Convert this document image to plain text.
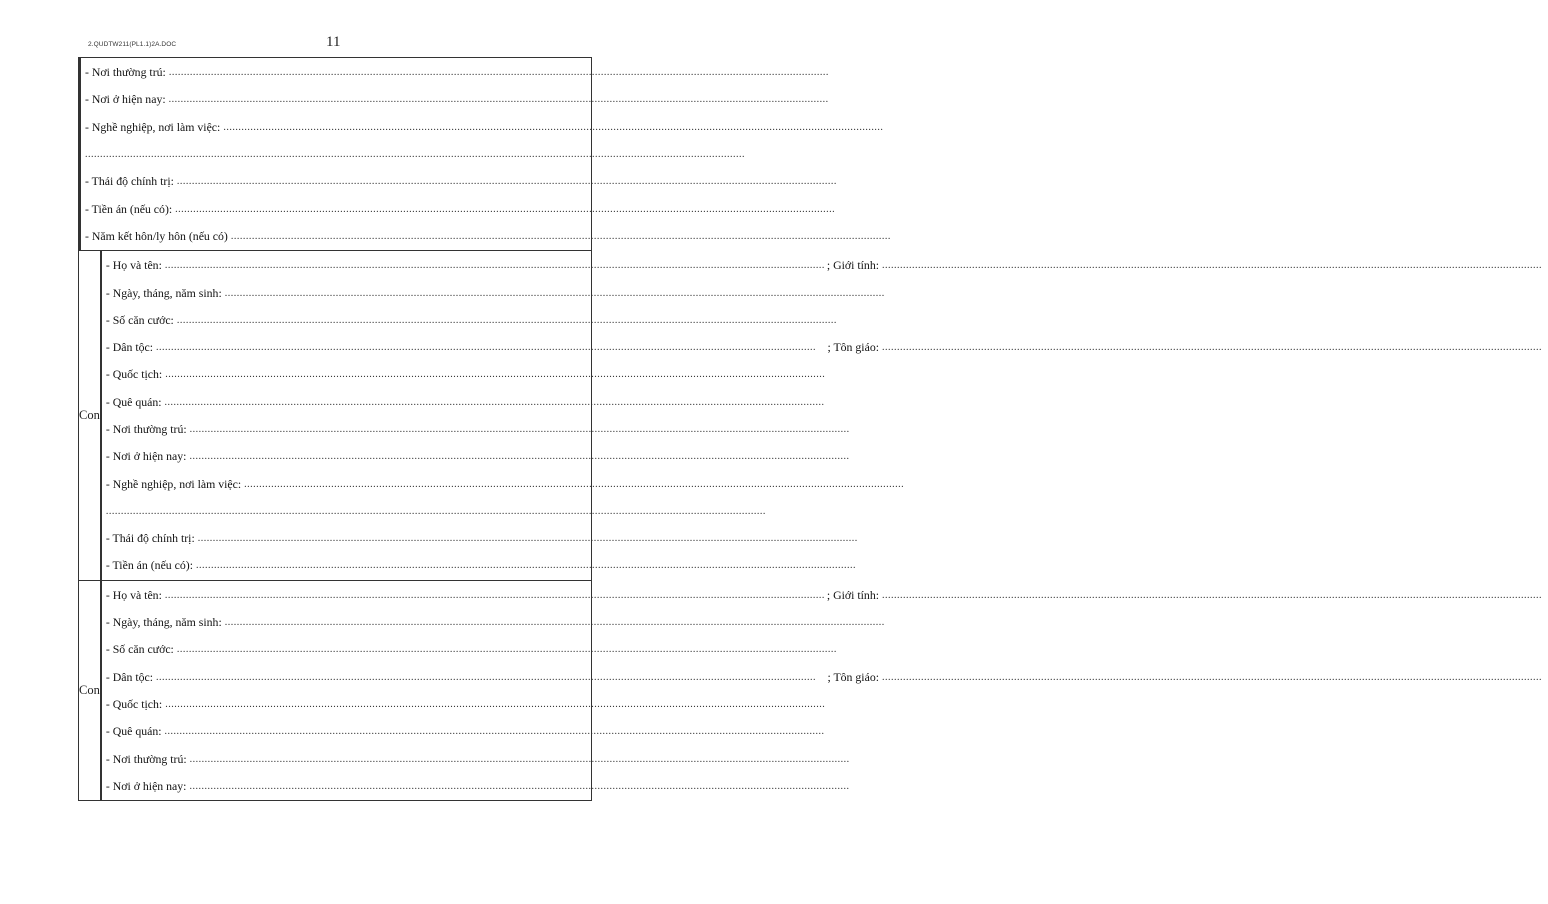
2.QUDTW211(PL1.1)2A.DOC	11
- Nơi thường trú: ............................................................................................................................................................................................................................
- Nơi ở hiện nay: ............................................................................................................................................................................................................................
- Nghề nghiệp, nơi làm việc: ............................................................................................................................................................................................................................
............................................................................................................................................................................................................................
- Thái độ chính trị: ............................................................................................................................................................................................................................
- Tiền án (nếu có): ............................................................................................................................................................................................................................
- Năm kết hôn/ly hôn (nếu có) ............................................................................................................................................................................................................................
Con
- Họ và tên: ............................................................................................................................................................................................................................ ; Giới tính: ............................................................................................................................................................................................................................
- Ngày, tháng, năm sinh: ............................................................................................................................................................................................................................
- Số căn cước: ............................................................................................................................................................................................................................
- Dân tộc: ............................................................................................................................................................................................................................ ; Tôn giáo: ............................................................................................................................................................................................................................
- Quốc tịch: ............................................................................................................................................................................................................................
- Quê quán: ............................................................................................................................................................................................................................
- Nơi thường trú: ............................................................................................................................................................................................................................
- Nơi ở hiện nay: ............................................................................................................................................................................................................................
- Nghề nghiệp, nơi làm việc: ............................................................................................................................................................................................................................
............................................................................................................................................................................................................................
- Thái độ chính trị: ............................................................................................................................................................................................................................
- Tiền án (nếu có): ............................................................................................................................................................................................................................
Con
- Họ và tên: ............................................................................................................................................................................................................................ ; Giới tính: ............................................................................................................................................................................................................................
- Ngày, tháng, năm sinh: ............................................................................................................................................................................................................................
- Số căn cước: ............................................................................................................................................................................................................................
- Dân tộc: ............................................................................................................................................................................................................................ ; Tôn giáo: ............................................................................................................................................................................................................................
- Quốc tịch: ............................................................................................................................................................................................................................
- Quê quán: ............................................................................................................................................................................................................................
- Nơi thường trú: ............................................................................................................................................................................................................................
- Nơi ở hiện nay: ............................................................................................................................................................................................................................
